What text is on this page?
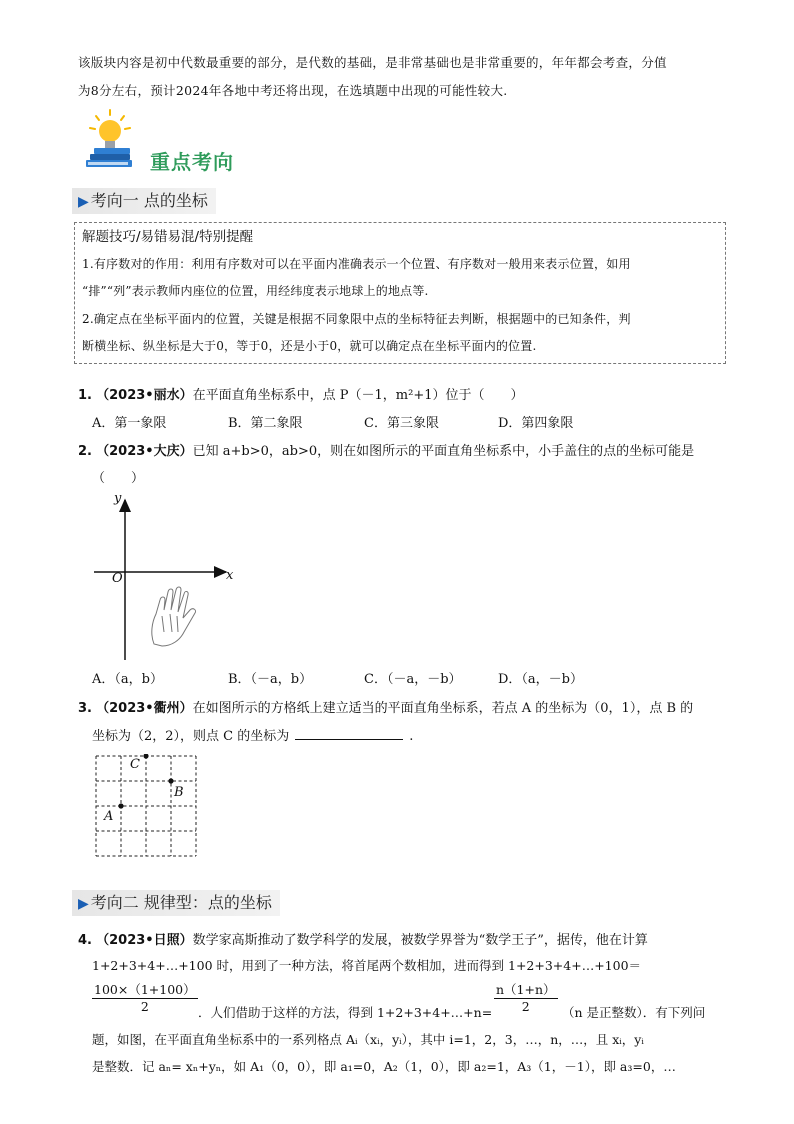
该版块内容是初中代数最重要的部分，是代数的基础，是非常基础也是非常重要的，年年都会考查，分值
为8分左右，预计2024年各地中考还将出现，在选填题中出现的可能性较大.
重点考向
▶ 考向一 点的坐标
解题技巧/易错易混/特别提醒
1.有序数对的作用：利用有序数对可以在平面内准确表示一个位置、有序数对一般用来表示位置，如用
“排”“列”表示教师内座位的位置，用经纬度表示地球上的地点等.
2.确定点在坐标平面内的位置，关键是根据不同象限中点的坐标特征去判断，根据题中的已知条件，判
断横坐标、纵坐标是大于0，等于0，还是小于0，就可以确定点在坐标平面内的位置.
1. （2023•丽水）在平面直角坐标系中，点 P（－1，m²+1）位于（　　）
A．第一象限	B．第二象限	C．第三象限	D．第四象限
2. （2023•大庆）已知 a+b>0，ab>0，则在如图所示的平面直角坐标系中，小手盖住的点的坐标可能是
（　　）
y
x
O
A．（a，b）	B．（－a，b）	C．（－a，－b）	D．（a，－b）
3. （2023•衢州）在如图所示的方格纸上建立适当的平面直角坐标系，若点 A 的坐标为（0，1），点 B 的
坐标为（2，2），则点 C 的坐标为	.
C
B
A
▶ 考向二 规律型：点的坐标
4. （2023•日照）数学家高斯推动了数学科学的发展，被数学界誉为“数学王子”，据传，他在计算
1+2+3+4+…+100 时，用到了一种方法，将首尾两个数相加，进而得到 1+2+3+4+…+100＝
$\frac{100\times(1+100)}{2}$ ．人们借助于这样的方法，得到 1+2+3+4+…+n= $\frac{n(1+n)}{2} (n$ 是正整数）．有下列问
题，如图，在平面直角坐标系中的一系列格点 Aᵢ（xᵢ，yᵢ），其中 i=1，2，3，…，n，…，且 xᵢ，yᵢ
是整数．记 aₙ= xₙ+yₙ，如 A₁（0，0），即 a₁=0，A₂（1，0），即 a₂=1，A₃（1，－1），即 a₃=0，…
